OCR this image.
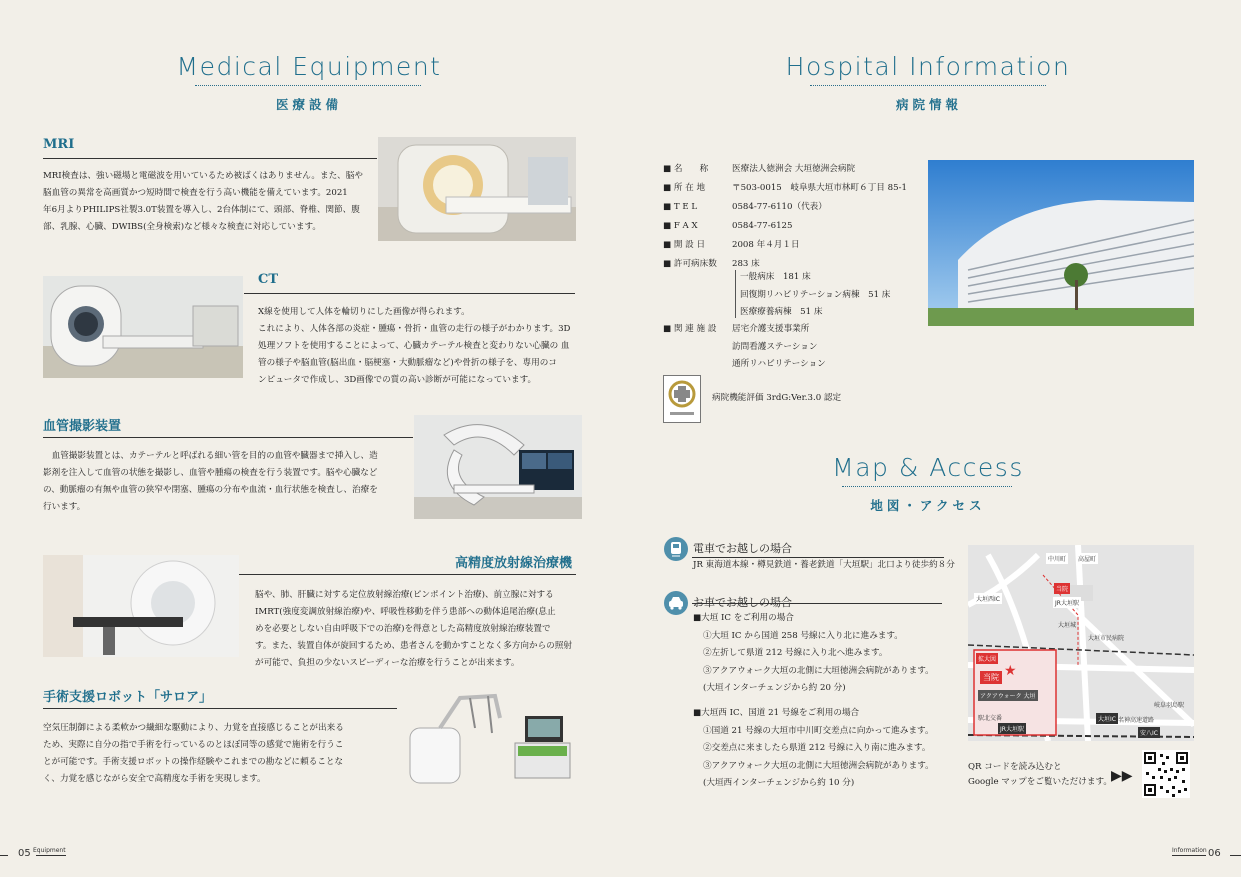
Medical Equipment
医療設備
MRI
MRI検査は、強い磁場と電磁波を用いているため被ばくはありません。また、脳や
脳血管の異常を高画質かつ短時間で検査を行う高い機能を備えています。2021
年6月よりPHILIPS社製3.0T装置を導入し、2台体制にて、頭部、脊椎、関節、腹
部、乳腺、心臓、DWIBS(全身検索)など様々な検査に対応しています。
CT
X線を使用して人体を輪切りにした画像が得られます。
これにより、人体各部の炎症・腫瘍・骨折・血管の走行の様子がわかります。3D
処理ソフトを使用することによって、心臓カテーテル検査と変わりない心臓の 血
管の様子や脳血管(脳出血・脳梗塞・大動脈瘤など)や骨折の様子を、専用のコ
ンピュータで作成し、3D画像での質の高い診断が可能になっています。
血管撮影装置
　血管撮影装置とは、カテーテルと呼ばれる細い管を目的の血管や臓器まで挿入し、造
影剤を注入して血管の状態を撮影し、血管や腫瘍の検査を行う装置です。脳や心臓など
の、動脈瘤の有無や血管の狭窄や閉塞、腫瘍の分布や血流・血行状態を検査し、治療を
行います。
高精度放射線治療機
脳や、肺、肝臓に対する定位放射線治療(ピンポイント治療)、前立腺に対する
IMRT(強度変調放射線治療)や、呼吸性移動を伴う患部への動体追尾治療(息止
めを必要としない自由呼吸下での治療)を得意とした高精度放射線治療装置で
す。また、装置自体が旋回するため、患者さんを動かすことなく多方向からの照射
が可能で、負担の少ないスピーディーな治療を行うことが出来ます。
手術支援ロボット「サロア」
空気圧制御による柔軟かつ繊細な駆動により、力覚を直接感じることが出来る
ため、実際に自分の指で手術を行っているのとほぼ同等の感覚で施術を行うこ
とが可能です。手術支援ロボットの操作経験やこれまでの勘などに頼ることな
く、力覚を感じながら安全で高精度な手術を実現します。
05 Equipment
Hospital Information
病院情報
■ 名　　称	医療法人徳洲会 大垣徳洲会病院
■ 所 在 地	〒503-0015　岐阜県大垣市林町６丁目 85-1
■ T E L	0584-77-6110（代表）
■ F A X	0584-77-6125
■ 開 設 日	2008 年４月１日
■ 許可病床数 283 床
一般病床　181 床
回復期リハビリテーション病棟　51 床
医療療養病棟　51 床
■ 関 連 施 設 居宅介護支援事業所
訪問看護ステーション
通所リハビリテーション
病院機能評価 3rdG:Ver.3.0 認定
Map & Access
地図・アクセス
電車でお越しの場合
JR 東海道本線・樽見鉄道・養老鉄道「大垣駅」北口より徒歩約８分
お車でお越しの場合
■大垣 IC をご利用の場合
①大垣 IC から国道 258 号線に入り北に進みます。
②左折して県道 212 号線に入り北へ進みます。
③アクアウォーク大垣の北側に大垣徳洲会病院があります。
(大垣インターチェンジから約 20 分)
■大垣西 IC、国道 21 号線をご利用の場合
①国道 21 号線の大垣市中川町交差点に向かって進みます。
②交差点に来ましたら県道 212 号線に入り南に進みます。
③アクアウォーク大垣の北側に大垣徳洲会病院があります。
(大垣西インターチェンジから約 10 分)
中川町	高屋町
大垣西IC
当院
JR大垣駅
大垣城
大垣市民病院
拡大図
当院 ★
アクアウォーク 大垣
駅北交番
JR大垣駅
大垣IC
安八IC
岐阜羽島駅
名神高速道路
QR コードを読み込むと
Google マップをご覧いただけます。 ▶▶
Information 06
